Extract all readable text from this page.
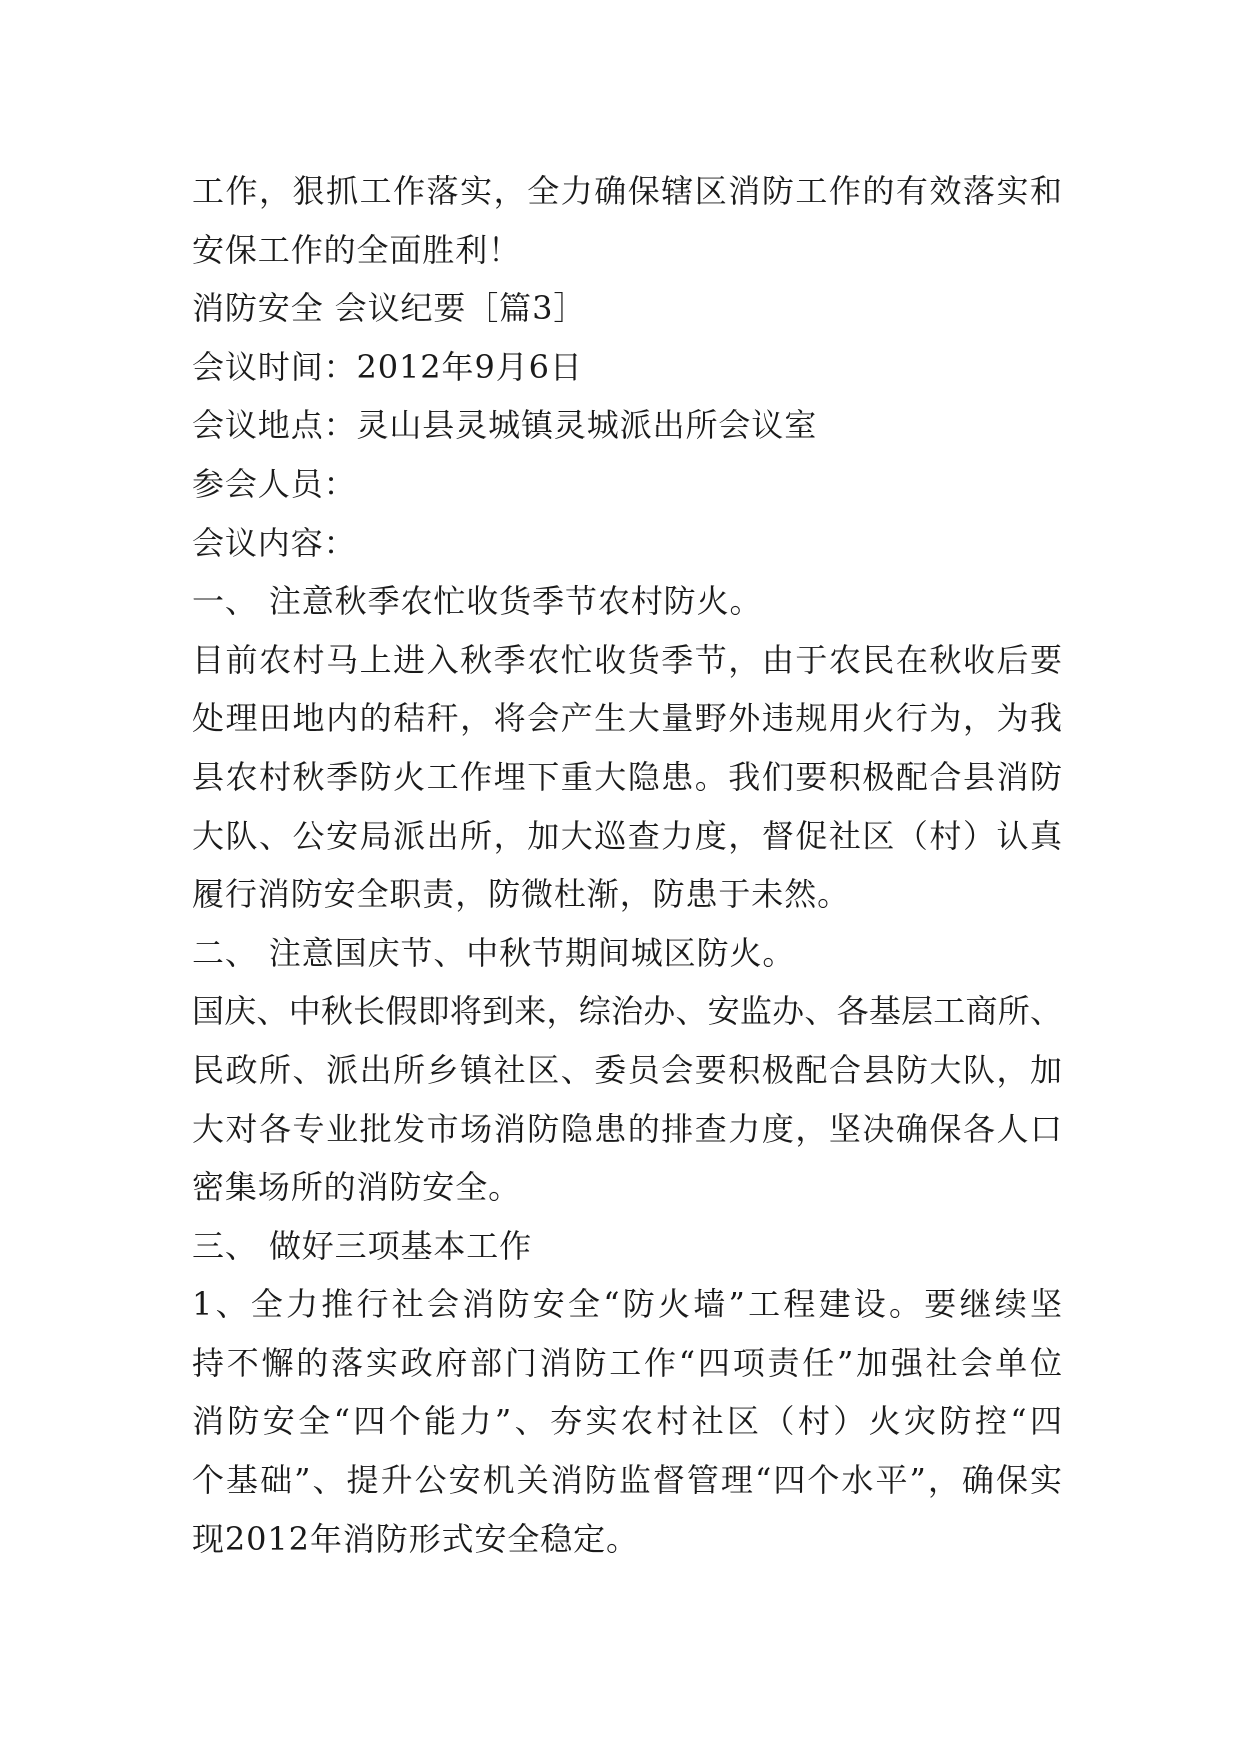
工作，狠抓工作落实，全力确保辖区消防工作的有效落实和
安保工作的全面胜利！
消防安全 会议纪要［篇3］
会议时间：2012年9月6日
会议地点：灵山县灵城镇灵城派出所会议室
参会人员：
会议内容：
一、 注意秋季农忙收货季节农村防火。
目前农村马上进入秋季农忙收货季节，由于农民在秋收后要
处理田地内的秸秆，将会产生大量野外违规用火行为，为我
县农村秋季防火工作埋下重大隐患。我们要积极配合县消防
大队、公安局派出所，加大巡查力度，督促社区（村）认真
履行消防安全职责，防微杜渐，防患于未然。
二、 注意国庆节、中秋节期间城区防火。
国庆、中秋长假即将到来，综治办、安监办、各基层工商所、
民政所、派出所乡镇社区、委员会要积极配合县防大队，加
大对各专业批发市场消防隐患的排查力度，坚决确保各人口
密集场所的消防安全。
三、 做好三项基本工作
1、全力推行社会消防安全“防火墙”工程建设。要继续坚
持不懈的落实政府部门消防工作“四项责任”加强社会单位
消防安全“四个能力”、夯实农村社区（村）火灾防控“四
个基础”、提升公安机关消防监督管理“四个水平”，确保实
现2012年消防形式安全稳定。
